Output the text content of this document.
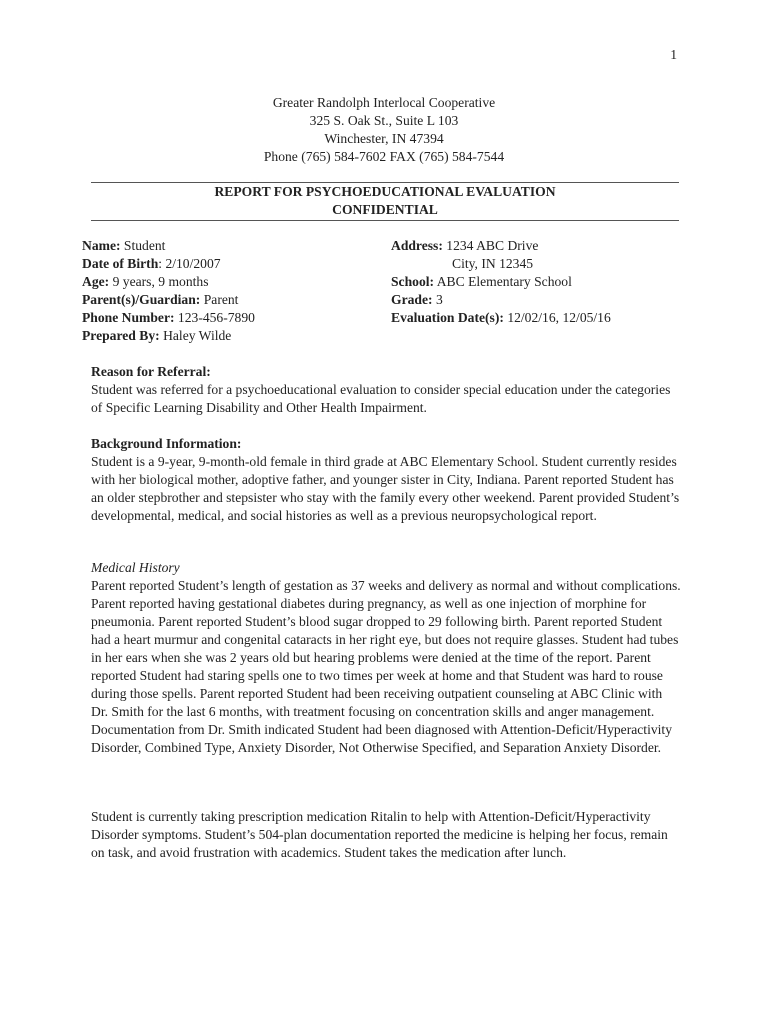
1
Greater Randolph Interlocal Cooperative
325 S. Oak St., Suite L 103
Winchester, IN 47394
Phone (765) 584-7602 FAX (765) 584-7544
REPORT FOR PSYCHOEDUCATIONAL EVALUATION
CONFIDENTIAL
Name: Student
Date of Birth: 2/10/2007
Age: 9 years, 9 months
Parent(s)/Guardian: Parent
Phone Number: 123-456-7890
Prepared By: Haley Wilde
Address: 1234 ABC Drive
City, IN 12345
School: ABC Elementary School
Grade: 3
Evaluation Date(s): 12/02/16, 12/05/16
Reason for Referral:

Student was referred for a psychoeducational evaluation to consider special education under the categories of Specific Learning Disability and Other Health Impairment.

Background Information:

Student is a 9-year, 9-month-old female in third grade at ABC Elementary School. Student currently resides with her biological mother, adoptive father, and younger sister in City, Indiana. Parent reported Student has an older stepbrother and stepsister who stay with the family every other weekend. Parent provided Student’s developmental, medical, and social histories as well as a previous neuropsychological report.

Medical History

Parent reported Student’s length of gestation as 37 weeks and delivery as normal and without complications. Parent reported having gestational diabetes during pregnancy, as well as one injection of morphine for pneumonia. Parent reported Student’s blood sugar dropped to 29 following birth. Parent reported Student had a heart murmur and congenital cataracts in her right eye, but does not require glasses. Student had tubes in her ears when she was 2 years old but hearing problems were denied at the time of the report. Parent reported Student had staring spells one to two times per week at home and that Student was hard to rouse during those spells. Parent reported Student had been receiving outpatient counseling at ABC Clinic with Dr. Smith for the last 6 months, with treatment focusing on concentration skills and anger management. Documentation from Dr. Smith indicated Student had been diagnosed with Attention-Deficit/Hyperactivity Disorder, Combined Type, Anxiety Disorder, Not Otherwise Specified, and Separation Anxiety Disorder.

Student is currently taking prescription medication Ritalin to help with Attention-Deficit/Hyperactivity Disorder symptoms. Student’s 504-plan documentation reported the medicine is helping her focus, remain on task, and avoid frustration with academics. Student takes the medication after lunch.
